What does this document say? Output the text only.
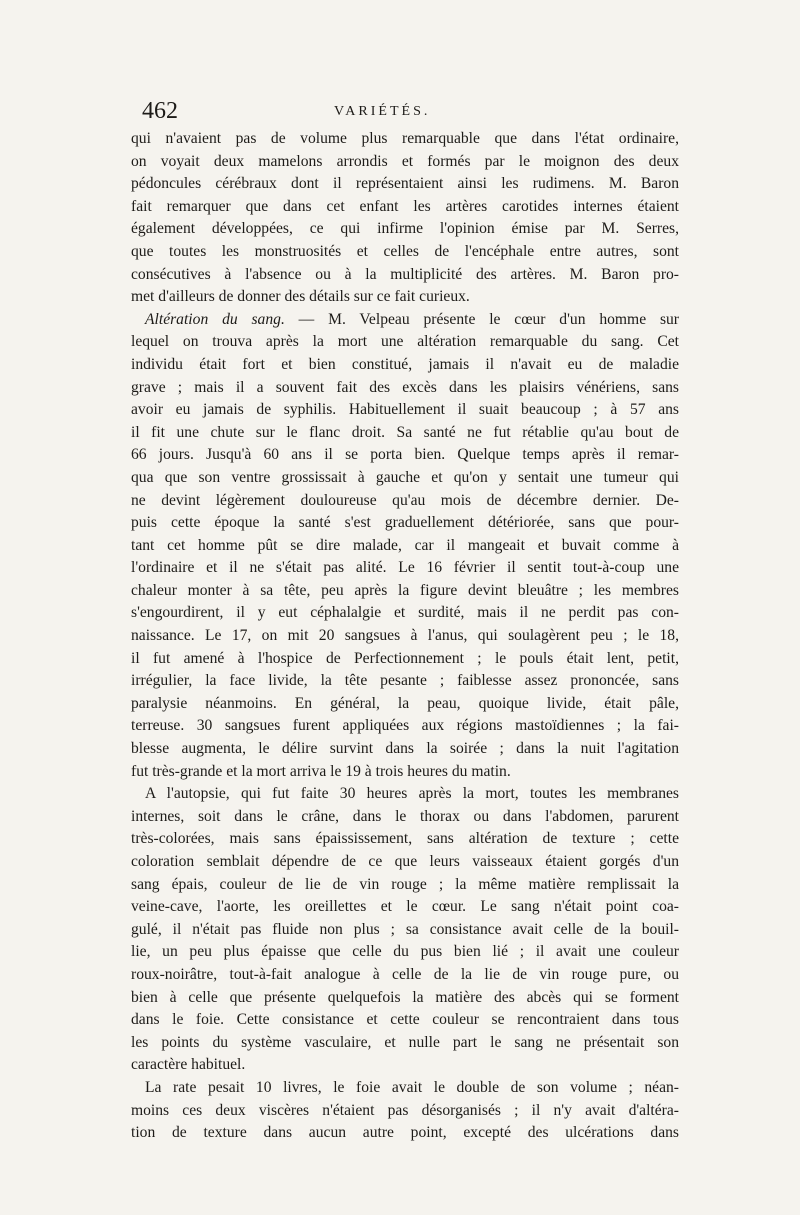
462	VARIÉTÉS.
qui n'avaient pas de volume plus remarquable que dans l'état ordinaire,
on voyait deux mamelons arrondis et formés par le moignon des deux
pédoncules cérébraux dont il représentaient ainsi les rudimens. M. Baron
fait remarquer que dans cet enfant les artères carotides internes étaient
également développées, ce qui infirme l'opinion émise par M. Serres,
que toutes les monstruosités et celles de l'encéphale entre autres, sont
consécutives à l'absence ou à la multiplicité des artères. M. Baron pro-
met d'ailleurs de donner des détails sur ce fait curieux.
Altération du sang. — M. Velpeau présente le cœur d'un homme sur
lequel on trouva après la mort une altération remarquable du sang. Cet
individu était fort et bien constitué, jamais il n'avait eu de maladie
grave ; mais il a souvent fait des excès dans les plaisirs vénériens, sans
avoir eu jamais de syphilis. Habituellement il suait beaucoup ; à 57 ans
il fit une chute sur le flanc droit. Sa santé ne fut rétablie qu'au bout de
66 jours. Jusqu'à 60 ans il se porta bien. Quelque temps après il remar-
qua que son ventre grossissait à gauche et qu'on y sentait une tumeur qui
ne devint légèrement douloureuse qu'au mois de décembre dernier. De-
puis cette époque la santé s'est graduellement détériorée, sans que pour-
tant cet homme pût se dire malade, car il mangeait et buvait comme à
l'ordinaire et il ne s'était pas alité. Le 16 février il sentit tout-à-coup une
chaleur monter à sa tête, peu après la figure devint bleuâtre ; les membres
s'engourdirent, il y eut céphalalgie et surdité, mais il ne perdit pas con-
naissance. Le 17, on mit 20 sangsues à l'anus, qui soulagèrent peu ; le 18,
il fut amené à l'hospice de Perfectionnement ; le pouls était lent, petit,
irrégulier, la face livide, la tête pesante ; faiblesse assez prononcée, sans
paralysie néanmoins. En général, la peau, quoique livide, était pâle,
terreuse. 30 sangsues furent appliquées aux régions mastoïdiennes ; la fai-
blesse augmenta, le délire survint dans la soirée ; dans la nuit l'agitation
fut très-grande et la mort arriva le 19 à trois heures du matin.
A l'autopsie, qui fut faite 30 heures après la mort, toutes les membranes
internes, soit dans le crâne, dans le thorax ou dans l'abdomen, parurent
très-colorées, mais sans épaississement, sans altération de texture ; cette
coloration semblait dépendre de ce que leurs vaisseaux étaient gorgés d'un
sang épais, couleur de lie de vin rouge ; la même matière remplissait la
veine-cave, l'aorte, les oreillettes et le cœur. Le sang n'était point coa-
gulé, il n'était pas fluide non plus ; sa consistance avait celle de la bouil-
lie, un peu plus épaisse que celle du pus bien lié ; il avait une couleur
roux-noirâtre, tout-à-fait analogue à celle de la lie de vin rouge pure, ou
bien à celle que présente quelquefois la matière des abcès qui se forment
dans le foie. Cette consistance et cette couleur se rencontraient dans tous
les points du système vasculaire, et nulle part le sang ne présentait son
caractère habituel.
La rate pesait 10 livres, le foie avait le double de son volume ; néan-
moins ces deux viscères n'étaient pas désorganisés ; il n'y avait d'altéra-
tion de texture dans aucun autre point, excepté des ulcérations dans
